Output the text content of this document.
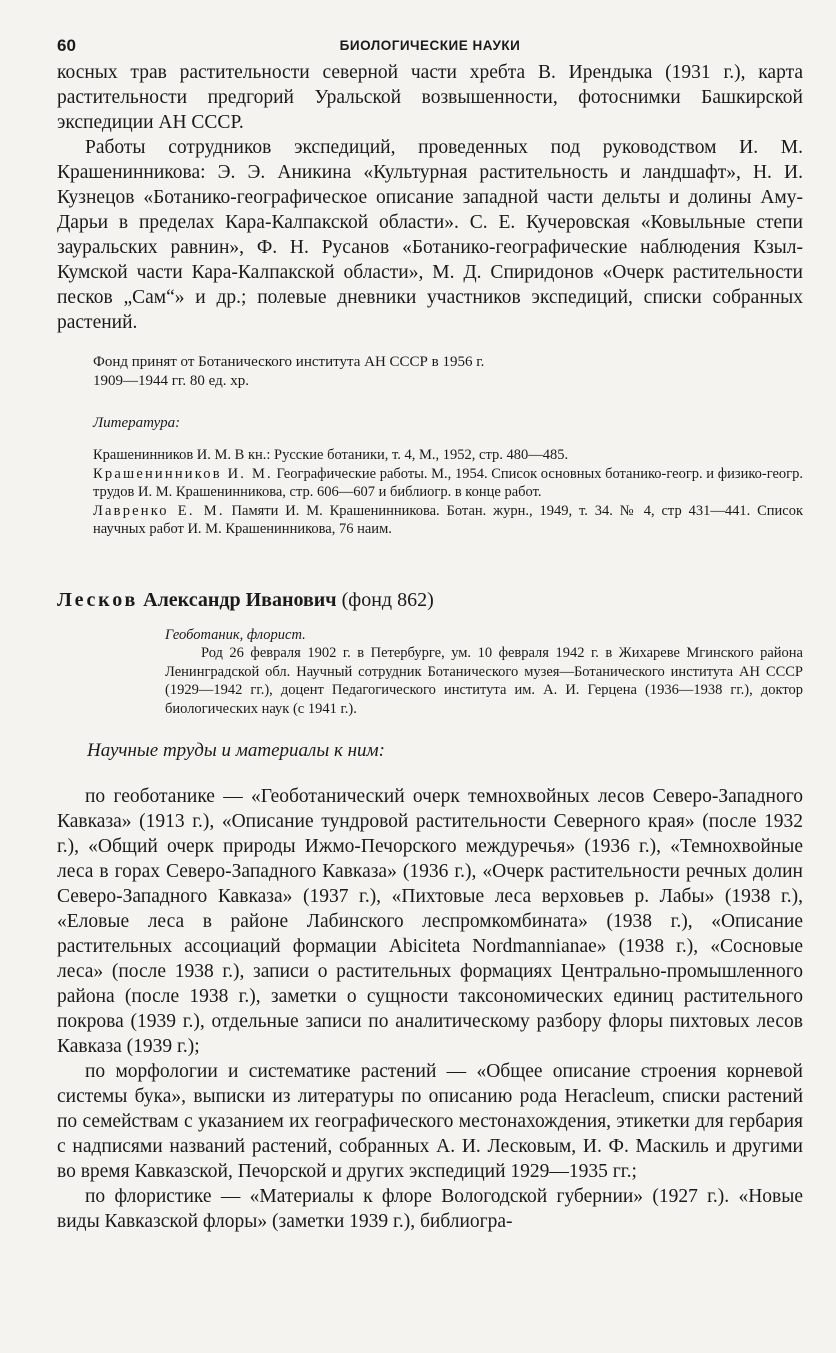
60	БИОЛОГИЧЕСКИЕ НАУКИ

косных трав растительности северной части хребта В. Ирендыка (1931 г.), карта растительности предгорий Уральской возвышенности, фотоснимки Башкирской экспедиции АН СССР.

Работы сотрудников экспедиций, проведенных под руководством И. М. Крашенинникова: Э. Э. Аникина «Культурная растительность и ландшафт», Н. И. Кузнецов «Ботанико-географическое описание западной части дельты и долины Аму-Дарьи в пределах Кара-Калпакской области». С. Е. Кучеровская «Ковыльные степи зауральских равнин», Ф. Н. Русанов «Ботанико-географические наблюдения Кзыл-Кумской части Кара-Калпакской области», М. Д. Спиридонов «Очерк растительности песков „Сам“» и др.; полевые дневники участников экспедиций, списки собранных растений.

Фонд принят от Ботанического института АН СССР в 1956 г.
1909—1944 гг. 80 ед. хр.
Литература:

Крашенинников И. М. В кн.: Русские ботаники, т. 4, М., 1952, стр. 480—485.

Крашенинников И. М. Географические работы. М., 1954. Список основных ботанико-геогр. и физико-геогр. трудов И. М. Крашенинникова, стр. 606—607 и библиогр. в конце работ.

Лавренко Е. М. Памяти И. М. Крашенинникова. Ботан. журн., 1949, т. 34. № 4, стр 431—441. Список научных работ И. М. Крашенинникова, 76 наим.

Лесков Александр Иванович (фонд 862)

Геоботаник, флорист.

Род 26 февраля 1902 г. в Петербурге, ум. 10 февраля 1942 г. в Жихареве Мгинского района Ленинградской обл. Научный сотрудник Ботанического музея—Ботанического института АН СССР (1929—1942 гг.), доцент Педагогического института им. А. И. Герцена (1936—1938 гг.), доктор биологических наук (с 1941 г.).

Научные труды и материалы к ним:

по геоботанике — «Геоботанический очерк темнохвойных лесов Северо-Западного Кавказа» (1913 г.), «Описание тундровой растительности Северного края» (после 1932 г.), «Общий очерк природы Ижмо-Печорского междуречья» (1936 г.), «Темнохвойные леса в горах Северо-Западного Кавказа» (1936 г.), «Очерк растительности речных долин Северо-Западного Кавказа» (1937 г.), «Пихтовые леса верховьев р. Лабы» (1938 г.), «Еловые леса в районе Лабинского леспромкомбината» (1938 г.), «Описание растительных ассоциаций формации Abiciteta Nordmannianae» (1938 г.), «Сосновые леса» (после 1938 г.), записи о растительных формациях Центрально-промышленного района (после 1938 г.), заметки о сущности таксономических единиц растительного покрова (1939 г.), отдельные записи по аналитическому разбору флоры пихтовых лесов Кавказа (1939 г.);

по морфологии и систематике растений — «Общее описание строения корневой системы бука», выписки из литературы по описанию рода Heracleum, списки растений по семействам с указанием их географического местонахождения, этикетки для гербария с надписями названий растений, собранных А. И. Лесковым, И. Ф. Маскиль и другими во время Кавказской, Печорской и других экспедиций 1929—1935 гг.;

по флористике — «Материалы к флоре Вологодской губернии» (1927 г.). «Новые виды Кавказской флоры» (заметки 1939 г.), библиогра-
